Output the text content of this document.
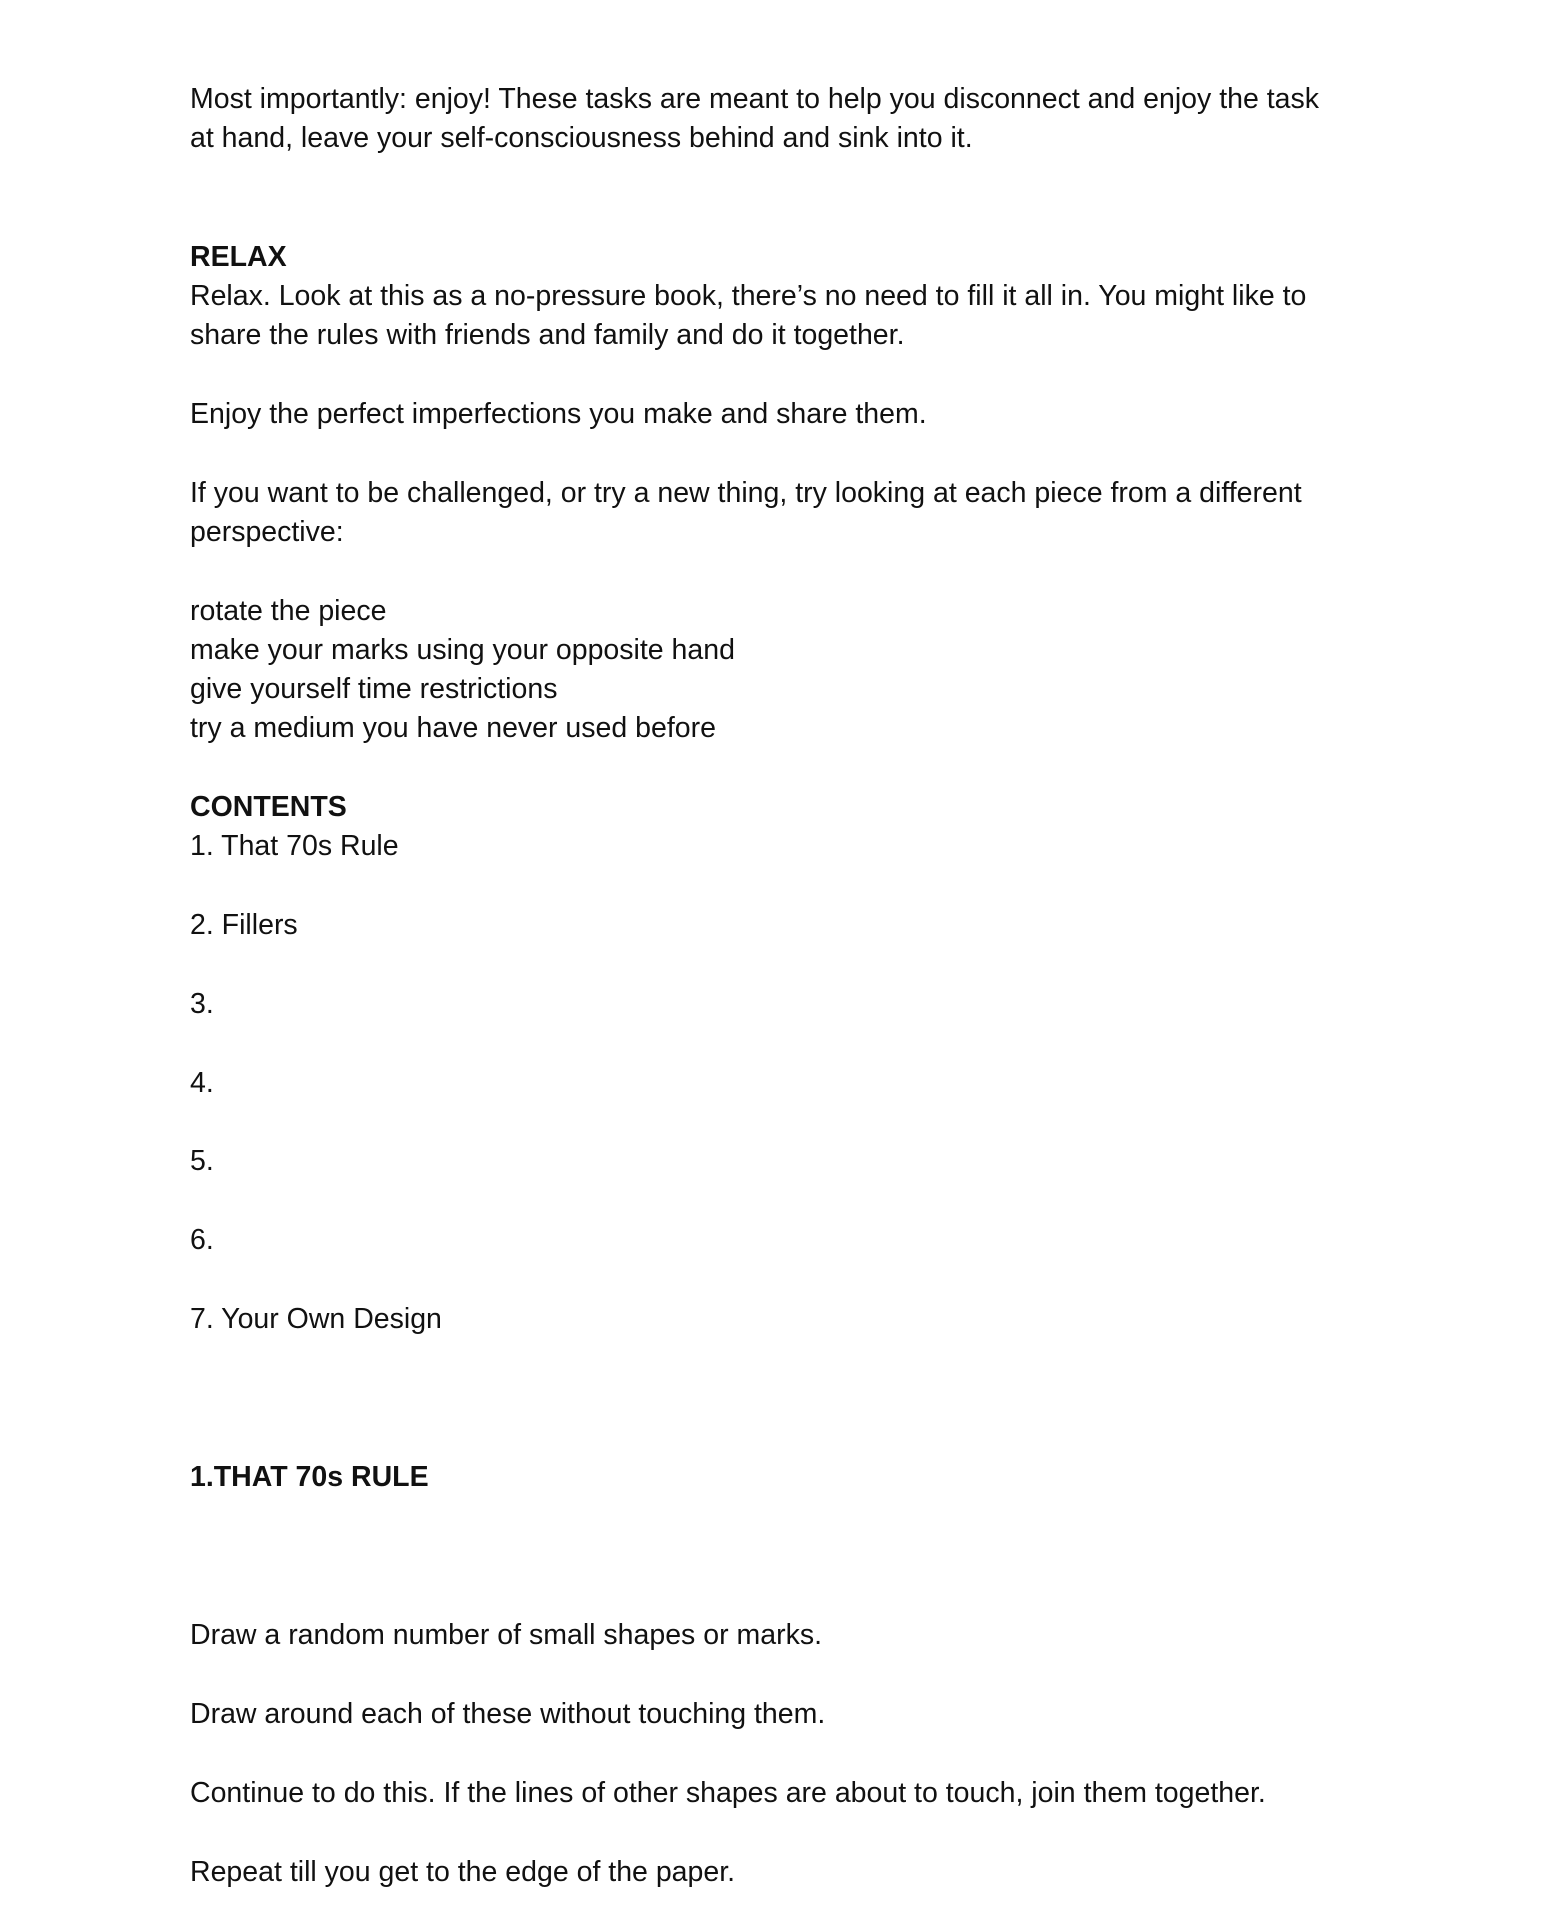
Most importantly: enjoy! These tasks are meant to help you disconnect and enjoy the task
at hand, leave your self-consciousness behind and sink into it.
RELAX
Relax. Look at this as a no-pressure book, there’s no need to fill it all in. You might like to
share the rules with friends and family and do it together.
Enjoy the perfect imperfections you make and share them.
If you want to be challenged, or try a new thing, try looking at each piece from a different
perspective:
rotate the piece
make your marks using your opposite hand
give yourself time restrictions
try a medium you have never used before
CONTENTS
1. That 70s Rule
2. Fillers
3.
4.
5.
6.
7. Your Own Design
1.THAT 70s RULE
Draw a random number of small shapes or marks.
Draw around each of these without touching them.
Continue to do this. If the lines of other shapes are about to touch, join them together.
Repeat till you get to the edge of the paper.
